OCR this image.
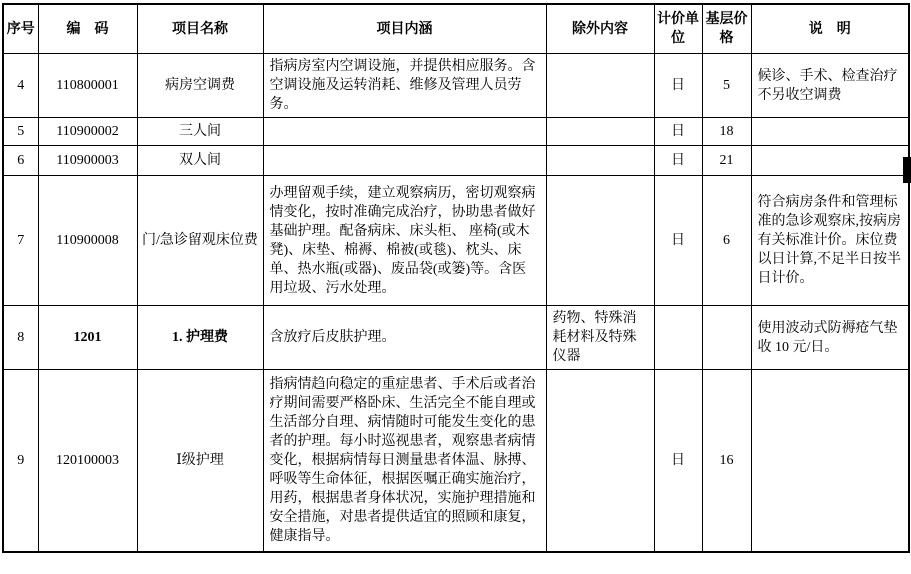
序号	编　码	项目名称	项目内涵	除外内容	计价单位	基层价格	说　明
4	110800001	病房空调费	指病房室内空调设施，并提供相应服务。含空调设施及运转消耗、维修及管理人员劳务。		日	5	候诊、手术、检查治疗不另收空调费
5	110900002	三人间			日	18	
6	110900003	双人间			日	21	
7	110900008	门/急诊留观床位费	办理留观手续，建立观察病历，密切观察病情变化，按时准确完成治疗，协助患者做好基础护理。配备病床、床头柜、 座椅(或木凳)、床垫、棉褥、棉被(或毯)、枕头、床单、热水瓶(或器)、废品袋(或篓)等。含医用垃圾、污水处理。		日	6	符合病房条件和管理标准的急诊观察床,按病房有关标准计价。床位费以日计算,不足半日按半日计价。
8	1201	1. 护理费	含放疗后皮肤护理。	药物、特殊消耗材料及特殊仪器			使用波动式防褥疮气垫收 10 元/日。
9	120100003	Ⅰ级护理	指病情趋向稳定的重症患者、手术后或者治疗期间需要严格卧床、生活完全不能自理或生活部分自理、病情随时可能发生变化的患者的护理。每小时巡视患者，观察患者病情变化，根据病情每日测量患者体温、脉搏、呼吸等生命体征，根据医嘱正确实施治疗，用药，根据患者身体状况，实施护理措施和安全措施，对患者提供适宜的照顾和康复，健康指导。		日	16	
